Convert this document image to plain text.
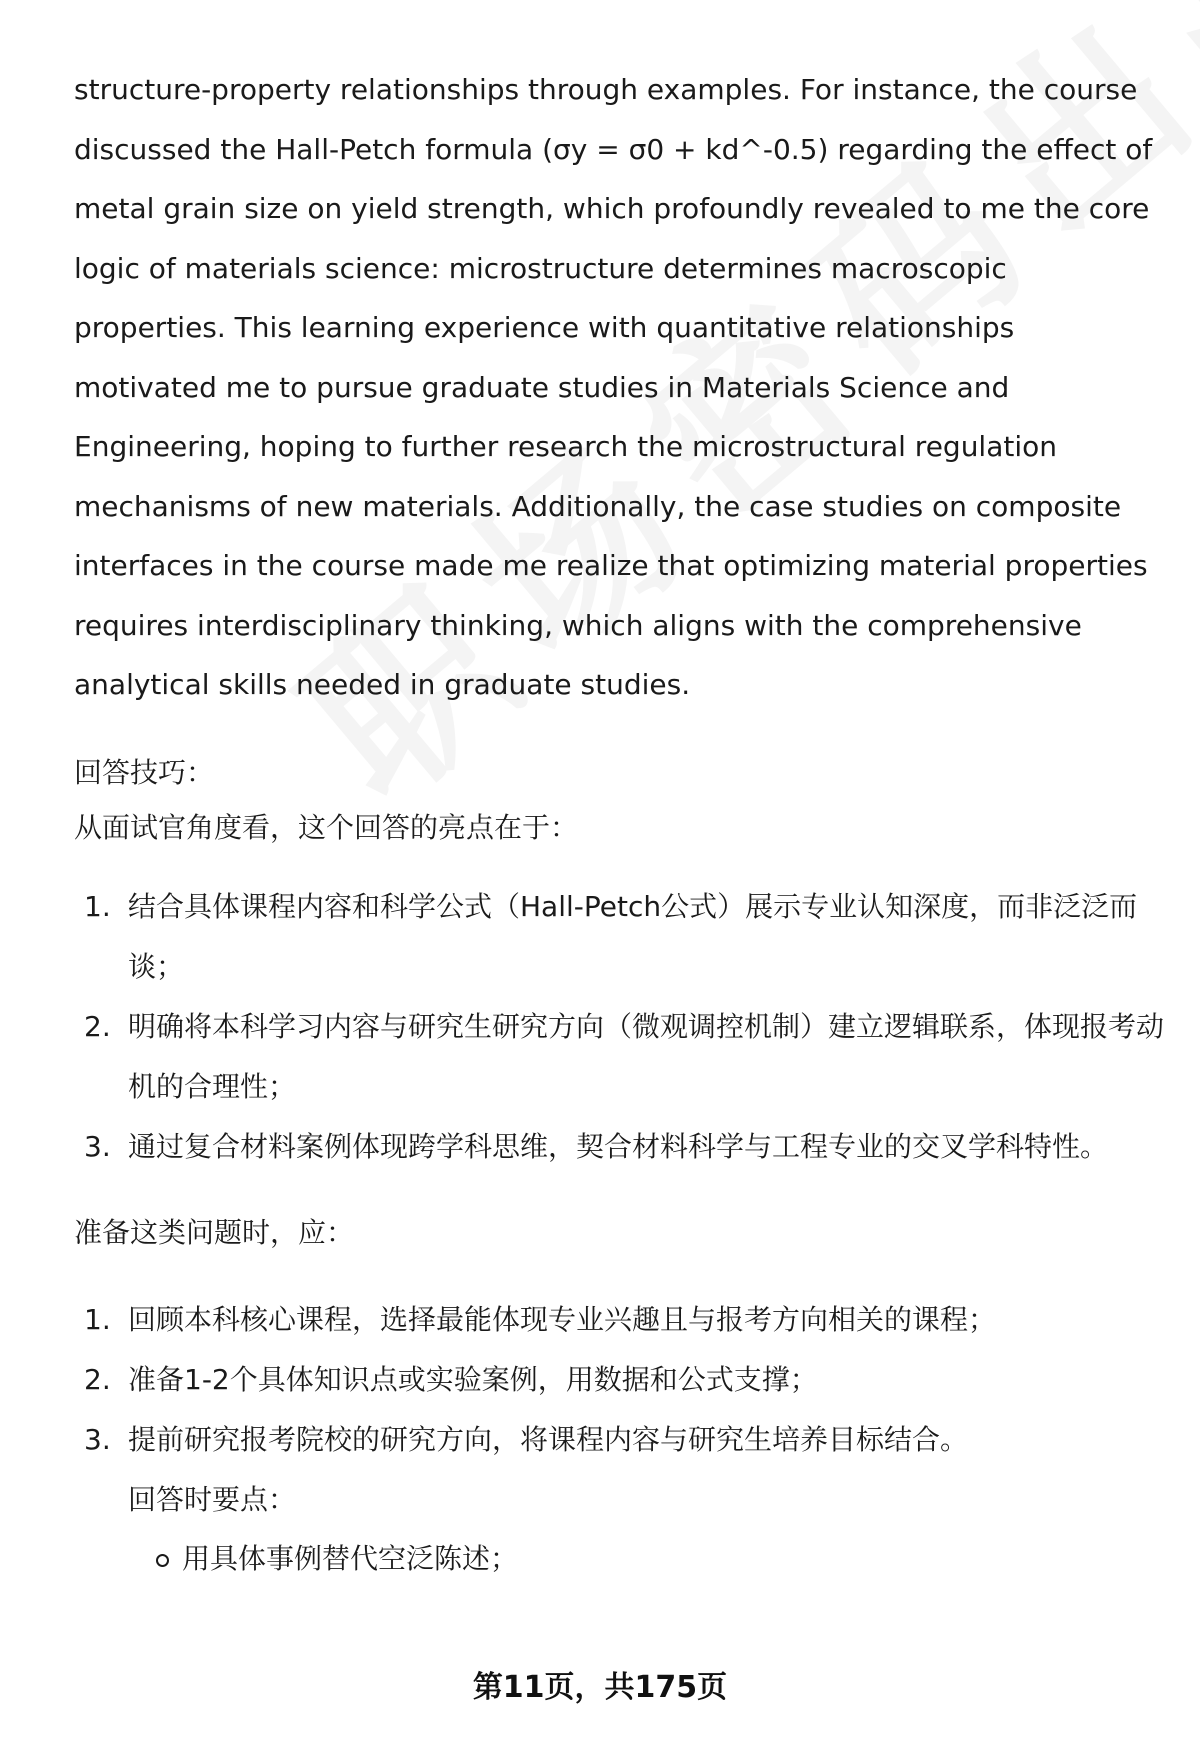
structure-property relationships through examples. For instance, the course discussed the Hall-Petch formula (σy = σ0 + kd^-0.5) regarding the effect of metal grain size on yield strength, which profoundly revealed to me the core logic of materials science: microstructure determines macroscopic properties. This learning experience with quantitative relationships motivated me to pursue graduate studies in Materials Science and Engineering, hoping to further research the microstructural regulation mechanisms of new materials. Additionally, the case studies on composite interfaces in the course made me realize that optimizing material properties requires interdisciplinary thinking, which aligns with the comprehensive analytical skills needed in graduate studies.

回答技巧：

从面试官角度看，这个回答的亮点在于：

1. 结合具体课程内容和科学公式（Hall-Petch公式）展示专业认知深度，而非泛泛而谈；
2. 明确将本科学习内容与研究生研究方向（微观调控机制）建立逻辑联系，体现报考动机的合理性；
3. 通过复合材料案例体现跨学科思维，契合材料科学与工程专业的交叉学科特性。

准备这类问题时，应：

1. 回顾本科核心课程，选择最能体现专业兴趣且与报考方向相关的课程；
2. 准备1-2个具体知识点或实验案例，用数据和公式支撑；
3. 提前研究报考院校的研究方向，将课程内容与研究生培养目标结合。
回答时要点：
用具体事例替代空泛陈述；
第11页，共175页
